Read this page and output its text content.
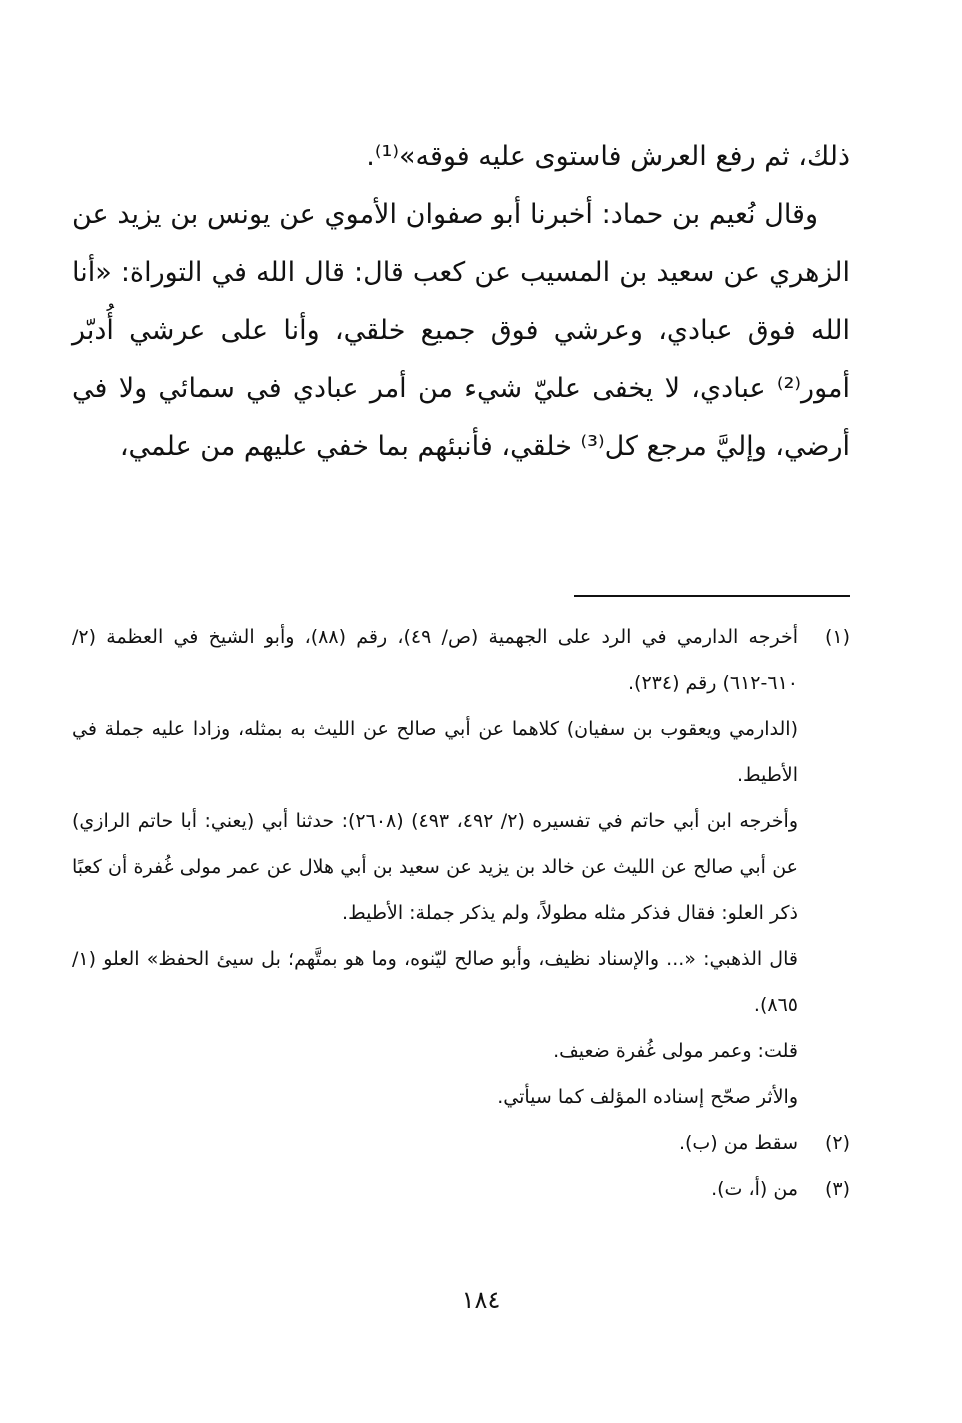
ذلك، ثم رفع العرش فاستوى عليه فوقه»⁽¹⁾.

وقال نُعيم بن حماد: أخبرنا أبو صفوان الأموي عن يونس بن يزيد عن الزهري عن سعيد بن المسيب عن كعب قال: قال الله في التوراة: «أنا الله فوق عبادي، وعرشي فوق جميع خلقي، وأنا على عرشي أُدبّر أمور⁽²⁾ عبادي، لا يخفى عليّ شيء من أمر عبادي في سمائي ولا في أرضي، وإليَّ مرجع كل⁽³⁾ خلقي، فأنبئهم بما خفي عليهم من علمي،

(١)

أخرجه الدارمي في الرد على الجهمية (ص/ ٤٩)، رقم (٨٨)، وأبو الشيخ في العظمة (٢/ ٦١٠-٦١٢) رقم (٢٣٤).

(الدارمي ويعقوب بن سفيان) كلاهما عن أبي صالح عن الليث به بمثله، وزادا عليه جملة في الأطيط.

وأخرجه ابن أبي حاتم في تفسيره (٢/ ٤٩٢، ٤٩٣) (٢٦٠٨): حدثنا أبي (يعني: أبا حاتم الرازي) عن أبي صالح عن الليث عن خالد بن يزيد عن سعيد بن أبي هلال عن عمر مولى غُفرة أن كعبًا ذكر العلو: فقال فذكر مثله مطولاً، ولم يذكر جملة: الأطيط.

قال الذهبي: «... والإسناد نظيف، وأبو صالح ليّنوه، وما هو بمتَّهم؛ بل سيئ الحفظ» العلو (١/ ٨٦٥).

قلت: وعمر مولى غُفرة ضعيف.

والأثر صحّح إسناده المؤلف كما سيأتي.

(٢)

سقط من (ب).

(٣)

من (أ، ت).

١٨٤
